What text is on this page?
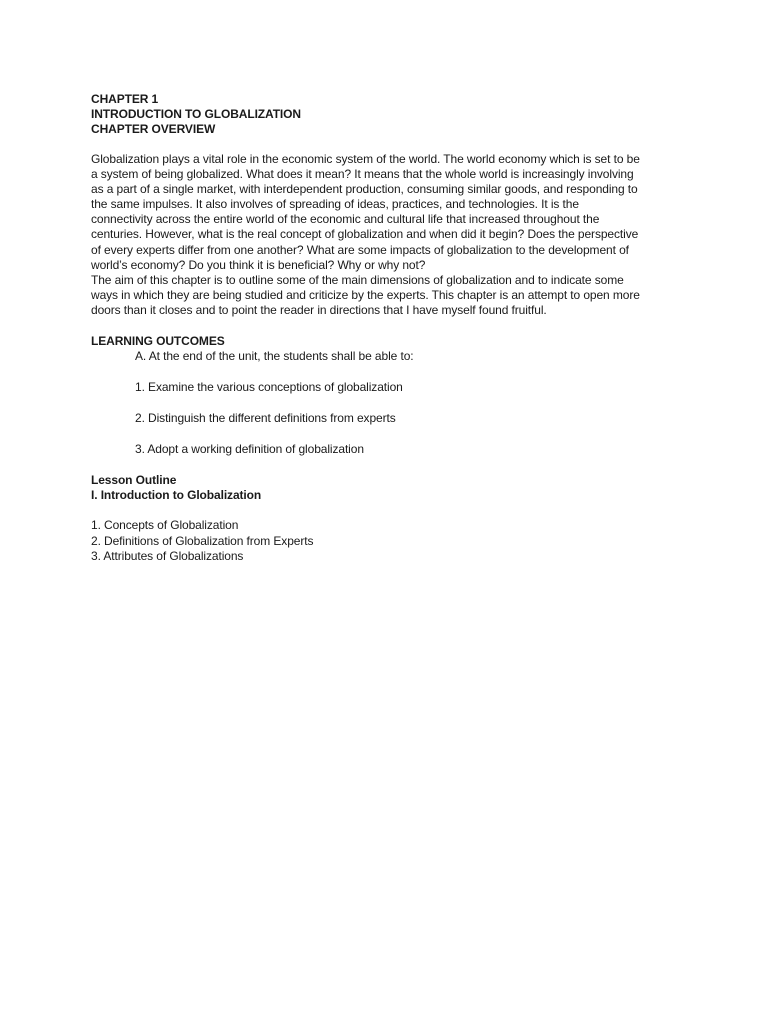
CHAPTER 1
INTRODUCTION TO GLOBALIZATION
CHAPTER OVERVIEW
Globalization plays a vital role in the economic system of the world. The world economy which is set to be
a system of being globalized. What does it mean? It means that the whole world is increasingly involving
as a part of a single market, with interdependent production, consuming similar goods, and responding to
the same impulses. It also involves of spreading of ideas, practices, and technologies. It is the
connectivity across the entire world of the economic and cultural life that increased throughout the
centuries. However, what is the real concept of globalization and when did it begin? Does the perspective
of every experts differ from one another? What are some impacts of globalization to the development of
world’s economy? Do you think it is beneficial? Why or why not?
The aim of this chapter is to outline some of the main dimensions of globalization and to indicate some
ways in which they are being studied and criticize by the experts. This chapter is an attempt to open more
doors than it closes and to point the reader in directions that I have myself found fruitful.
LEARNING OUTCOMES
A. At the end of the unit, the students shall be able to:
1. Examine the various conceptions of globalization
2. Distinguish the different definitions from experts
3. Adopt a working definition of globalization
Lesson Outline
I. Introduction to Globalization
1. Concepts of Globalization
2. Definitions of Globalization from Experts
3. Attributes of Globalizations
